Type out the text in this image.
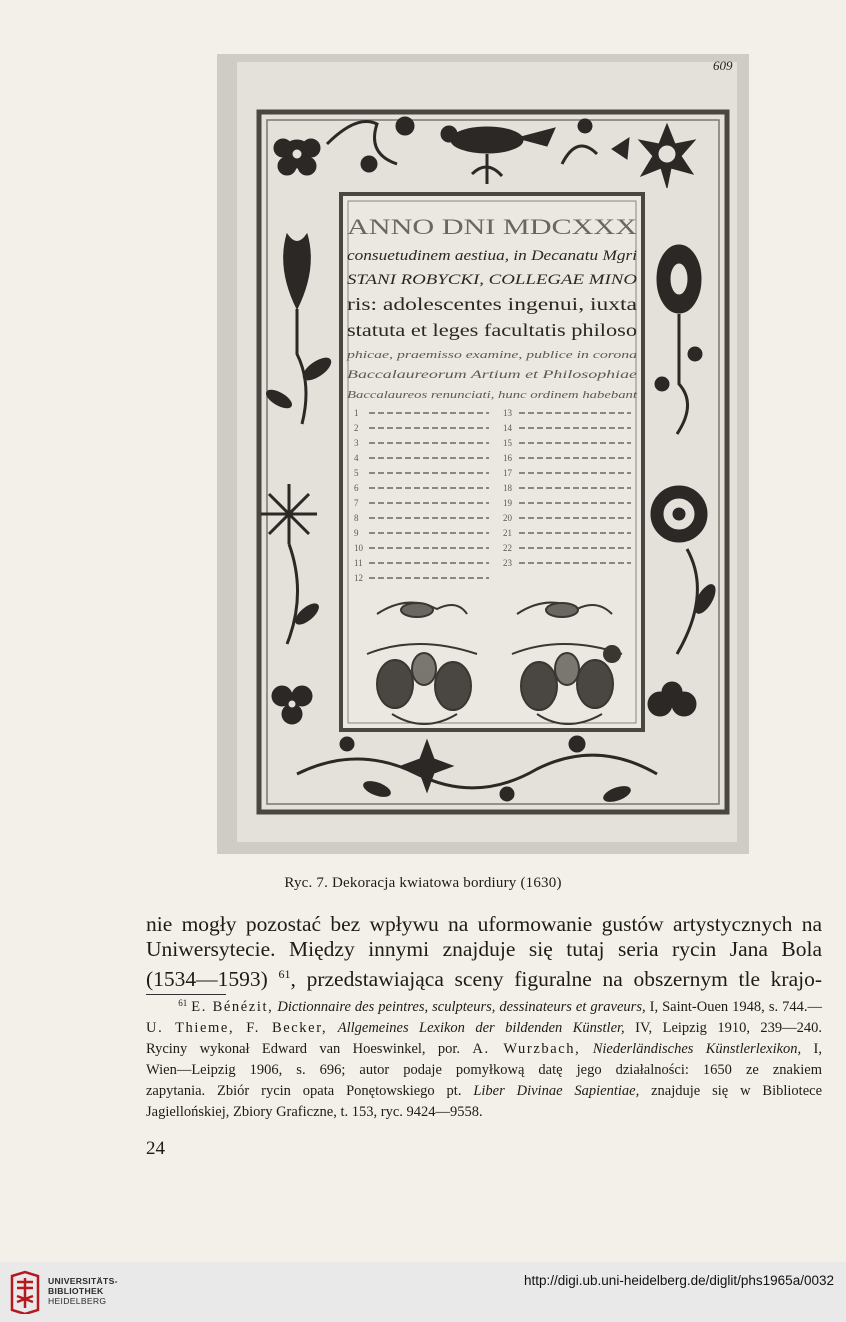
609
ANNO DNI MDCXXX
consuetudinem aestiua, in Decanatu Mgri
STANI ROBYCKI, COLLEGAE MINO
ris: adolescentes ingenui, iuxta
statuta et leges facultatis philoso
phicae, praemisso examine, publice in corona
Baccalaureorum Artium et Philosophiae
Baccalaureos renunciati, hunc ordinem habebant
1
2
3
4
5
6
7
8
9
10
11
12
13
14
15
16
17
18
19
20
21
22
23
Ryc. 7. Dekoracja kwiatowa bordiury (1630)
nie mogły pozostać bez wpływu na uformowanie gustów artystycznych na
Uniwersytecie. Między innymi znajduje się tutaj seria rycin Jana Bola
(1534—1593) $^{61}$, przedstawiająca sceny figuralne na obszernym tle krajo-
$^{61}$ E. Bénézit, Dictionnaire des peintres, sculpteurs, dessinateurs et graveurs, I, Saint-Ouen 1948, s. 744.—
U. Thieme, F. Becker, Allgemeines Lexikon der bildenden Künstler, IV, Leipzig 1910, 239—240.
Ryciny wykonał Edward van Hoeswinkel, por. A. Wurzbach, Niederländisches Künstlerlexikon, I,
Wien—Leipzig 1906, s. 696; autor podaje pomyłkową datę jego działalności: 1650 ze znakiem
zapytania. Zbiór rycin opata Ponętowskiego pt. Liber Divinae Sapientiae, znajduje się w Bibliotece
Jagiellońskiej, Zbiory Graficzne, t. 153, ryc. 9424—9558.
24
UNIVERSITÄTS-
BIBLIOTHEK
HEIDELBERG
http://digi.ub.uni-heidelberg.de/diglit/phs1965a/0032
